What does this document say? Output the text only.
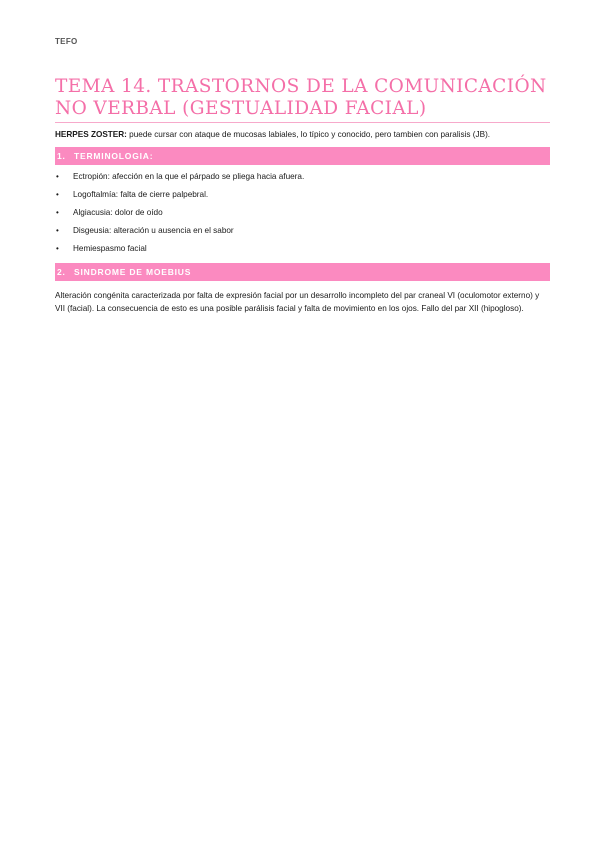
TEFO
TEMA 14. TRASTORNOS DE LA COMUNICACIÓN NO VERBAL (GESTUALIDAD FACIAL)
HERPES ZOSTER: puede cursar con ataque de mucosas labiales, lo típico y conocido, pero tambien con paralisis (JB).
1. TERMINOLOGIA:
• Ectropión: afección en la que el párpado se pliega hacia afuera.
• Logoftalmía: falta de cierre palpebral.
• Algiacusia: dolor de oído
• Disgeusia: alteración u ausencia en el sabor
• Hemiespasmo facial
2. SINDROME DE MOEBIUS
Alteración congénita caracterizada por falta de expresión facial por un desarrollo incompleto del par craneal VI (oculomotor externo) y VII (facial). La consecuencia de esto es una posible parálisis facial y falta de movimiento en los ojos. Fallo del par XII (hipogloso).
